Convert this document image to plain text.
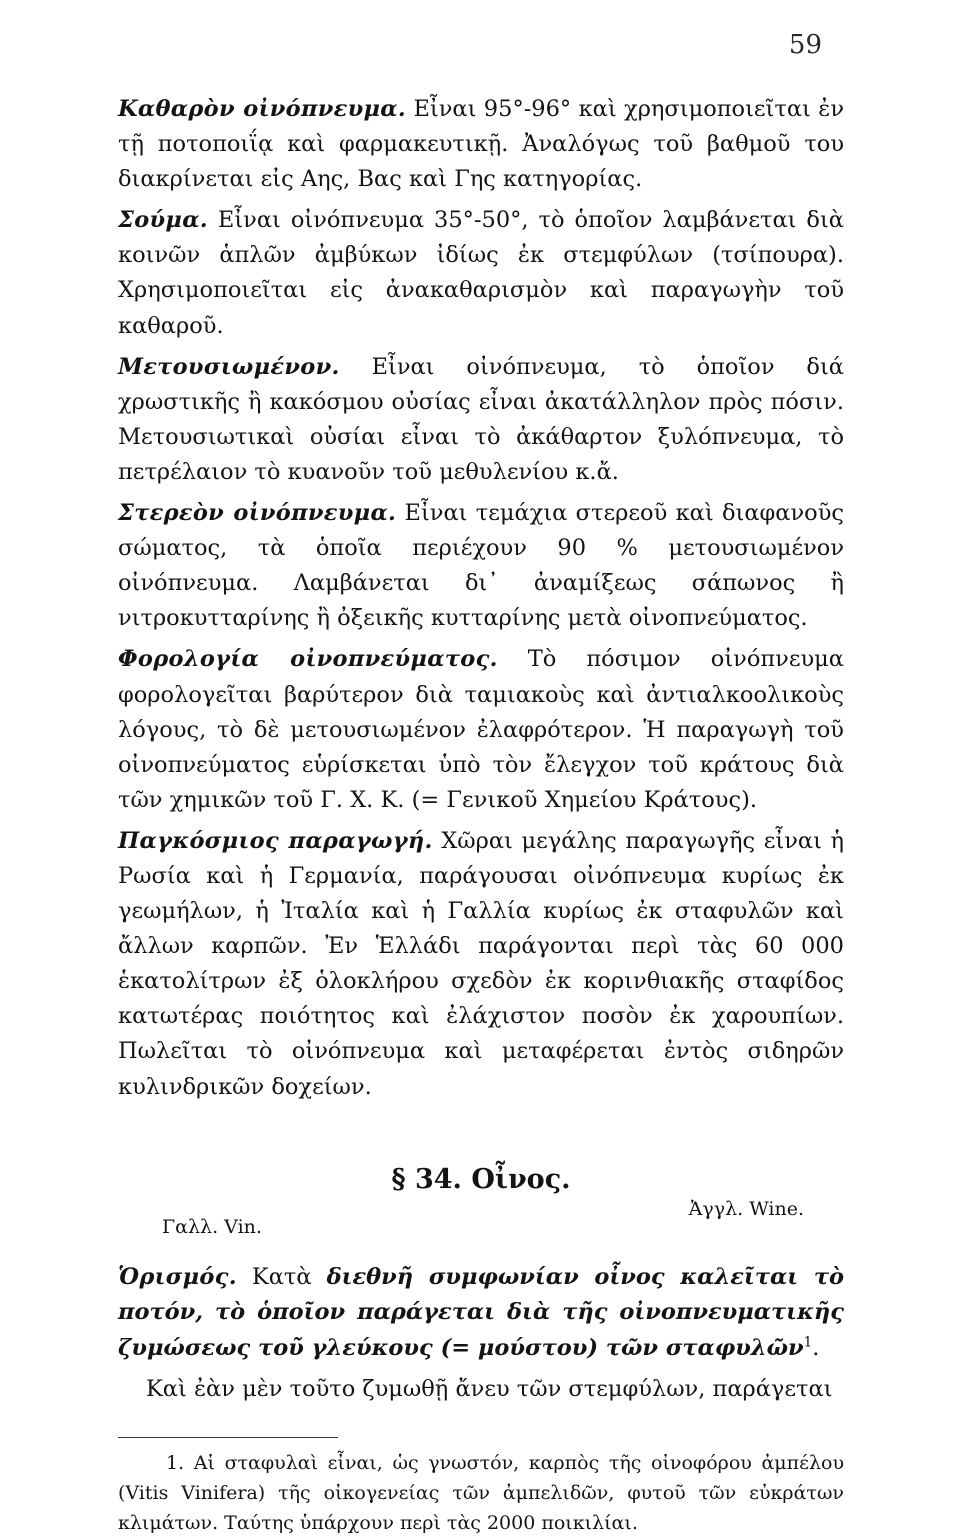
59

Καθαρὸν οἰνόπνευμα. Εἶναι 95°-96° καὶ χρησιμοποιεῖται ἐν τῇ ποτοποιΐᾳ καὶ φαρμακευτικῇ. Ἀναλόγως τοῦ βαθμοῦ του διακρίνεται εἰς Αης, Βας καὶ Γης κατηγορίας.

Σούμα. Εἶναι οἰνόπνευμα 35°-50°, τὸ ὁποῖον λαμβάνεται διὰ κοινῶν ἁπλῶν ἀμβύκων ἰδίως ἐκ στεμφύλων (τσίπουρα). Χρησιμοποιεῖται εἰς ἀνακαθαρισμὸν καὶ παραγωγὴν τοῦ καθαροῦ.

Μετουσιωμένον. Εἶναι οἰνόπνευμα, τὸ ὁποῖον διά χρωστικῆς ἢ κακόσμου οὐσίας εἶναι ἀκατάλληλον πρὸς πόσιν. Μετουσιωτικαὶ οὐσίαι εἶναι τὸ ἀκάθαρτον ξυλόπνευμα, τὸ πετρέλαιον τὸ κυανοῦν τοῦ μεθυλενίου κ.ἄ.

Στερεὸν οἰνόπνευμα. Εἶναι τεμάχια στερεοῦ καὶ διαφανοῦς σώματος, τὰ ὁποῖα περιέχουν 90 % μετουσιωμένον οἰνόπνευμα. Λαμβάνεται δι᾽ ἀναμίξεως σάπωνος ἢ νιτροκυτταρίνης ἢ ὀξεικῆς κυτταρίνης μετὰ οἰνοπνεύματος.

Φορολογία οἰνοπνεύματος. Τὸ πόσιμον οἰνόπνευμα φορολογεῖται βαρύτερον διὰ ταμιακοὺς καὶ ἀντιαλκοολικοὺς λόγους, τὸ δὲ μετουσιωμένον ἐλαφρότερον. Ἡ παραγωγὴ τοῦ οἰνοπνεύματος εὑρίσκεται ὑπὸ τὸν ἔλεγχον τοῦ κράτους διὰ τῶν χημικῶν τοῦ Γ. Χ. Κ. (= Γενικοῦ Χημείου Κράτους).

Παγκόσμιος παραγωγή. Χῶραι μεγάλης παραγωγῆς εἶναι ἡ Ρωσία καὶ ἡ Γερμανία, παράγουσαι οἰνόπνευμα κυρίως ἐκ γεωμήλων, ἡ Ἰταλία καὶ ἡ Γαλλία κυρίως ἐκ σταφυλῶν καὶ ἄλλων καρπῶν. Ἐν Ἑλλάδι παράγονται περὶ τὰς 60 000 ἑκατολίτρων ἐξ ὁλοκλήρου σχεδὸν ἐκ κορινθιακῆς σταφίδος κατωτέρας ποιότητος καὶ ἐλάχιστον ποσὸν ἐκ χαρουπίων. Πωλεῖται τὸ οἰνόπνευμα καὶ μεταφέρεται ἐντὸς σιδηρῶν κυλινδρικῶν δοχείων.

§ 34. Οἶνος.
Γαλλ. Vin.
Ἀγγλ. Wine.

Ὁρισμός. Κατὰ διεθνῆ συμφωνίαν οἶνος καλεῖται τὸ ποτόν, τὸ ὁποῖον παράγεται διὰ τῆς οἰνοπνευματικῆς ζυμώσεως τοῦ γλεύκους (= μούστου) τῶν σταφυλῶν$^1$.

Καὶ ἐὰν μὲν τοῦτο ζυμωθῇ ἄνευ τῶν στεμφύλων, παράγεται

1. Αἱ σταφυλαὶ εἶναι, ὡς γνωστόν, καρπὸς τῆς οἰνοφόρου ἀμπέλου (Vitis Vinifera) τῆς οἰκογενείας τῶν ἀμπελιδῶν, φυτοῦ τῶν εὐκράτων κλιμάτων. Ταύτης ὑπάρχουν περὶ τὰς 2000 ποικιλίαι.
